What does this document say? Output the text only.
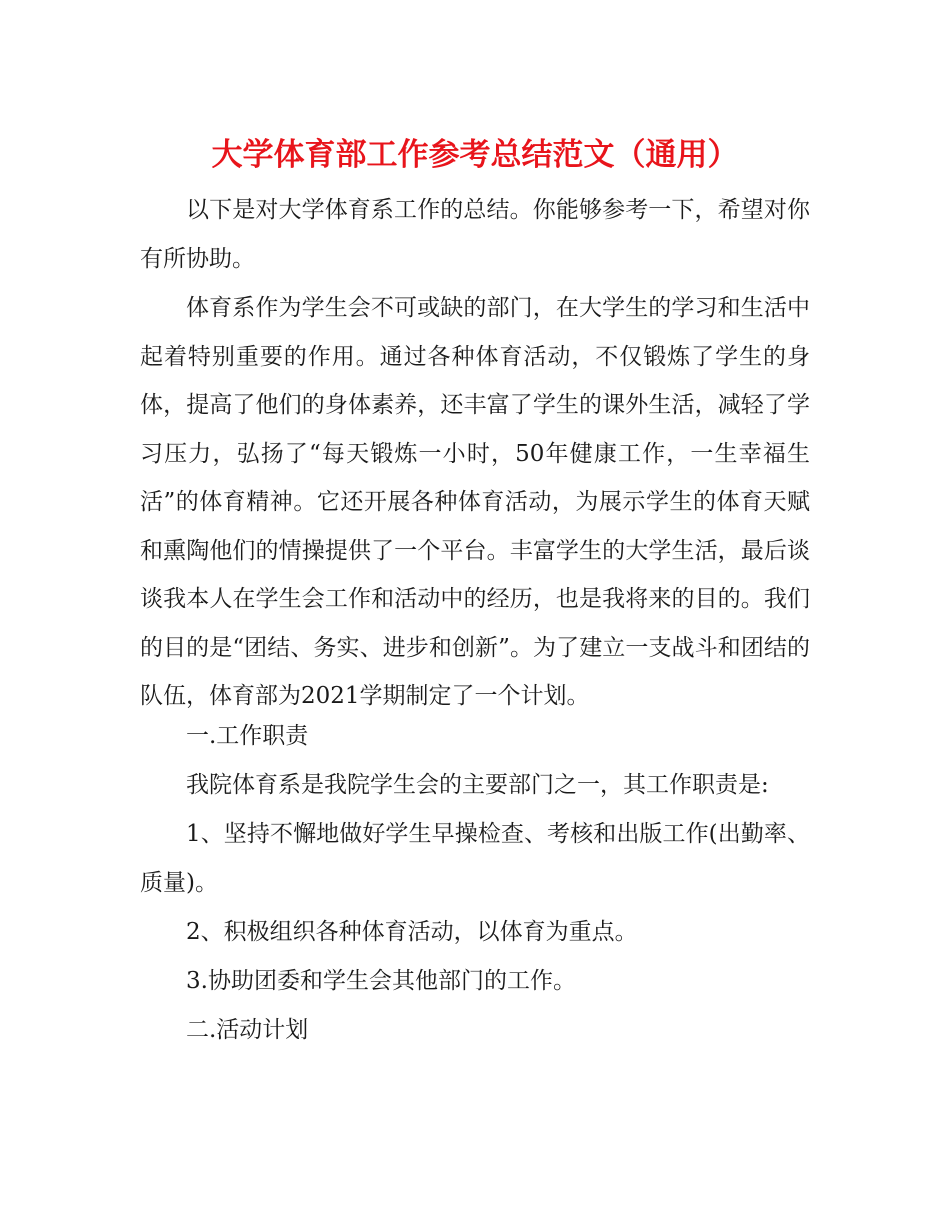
大学体育部工作参考总结范文（通用）

以下是对大学体育系工作的总结。你能够参考一下，希望对你有所协助。

体育系作为学生会不可或缺的部门，在大学生的学习和生活中起着特别重要的作用。通过各种体育活动，不仅锻炼了学生的身体，提高了他们的身体素养，还丰富了学生的课外生活，减轻了学习压力，弘扬了“每天锻炼一小时，50年健康工作，一生幸福生活”的体育精神。它还开展各种体育活动，为展示学生的体育天赋和熏陶他们的情操提供了一个平台。丰富学生的大学生活，最后谈谈我本人在学生会工作和活动中的经历，也是我将来的目的。我们的目的是“团结、务实、进步和创新”。为了建立一支战斗和团结的队伍，体育部为2021学期制定了一个计划。

一.工作职责

我院体育系是我院学生会的主要部门之一，其工作职责是:

1、坚持不懈地做好学生早操检查、考核和出版工作(出勤率、质量)。

2、积极组织各种体育活动，以体育为重点。

3.协助团委和学生会其他部门的工作。

二.活动计划
